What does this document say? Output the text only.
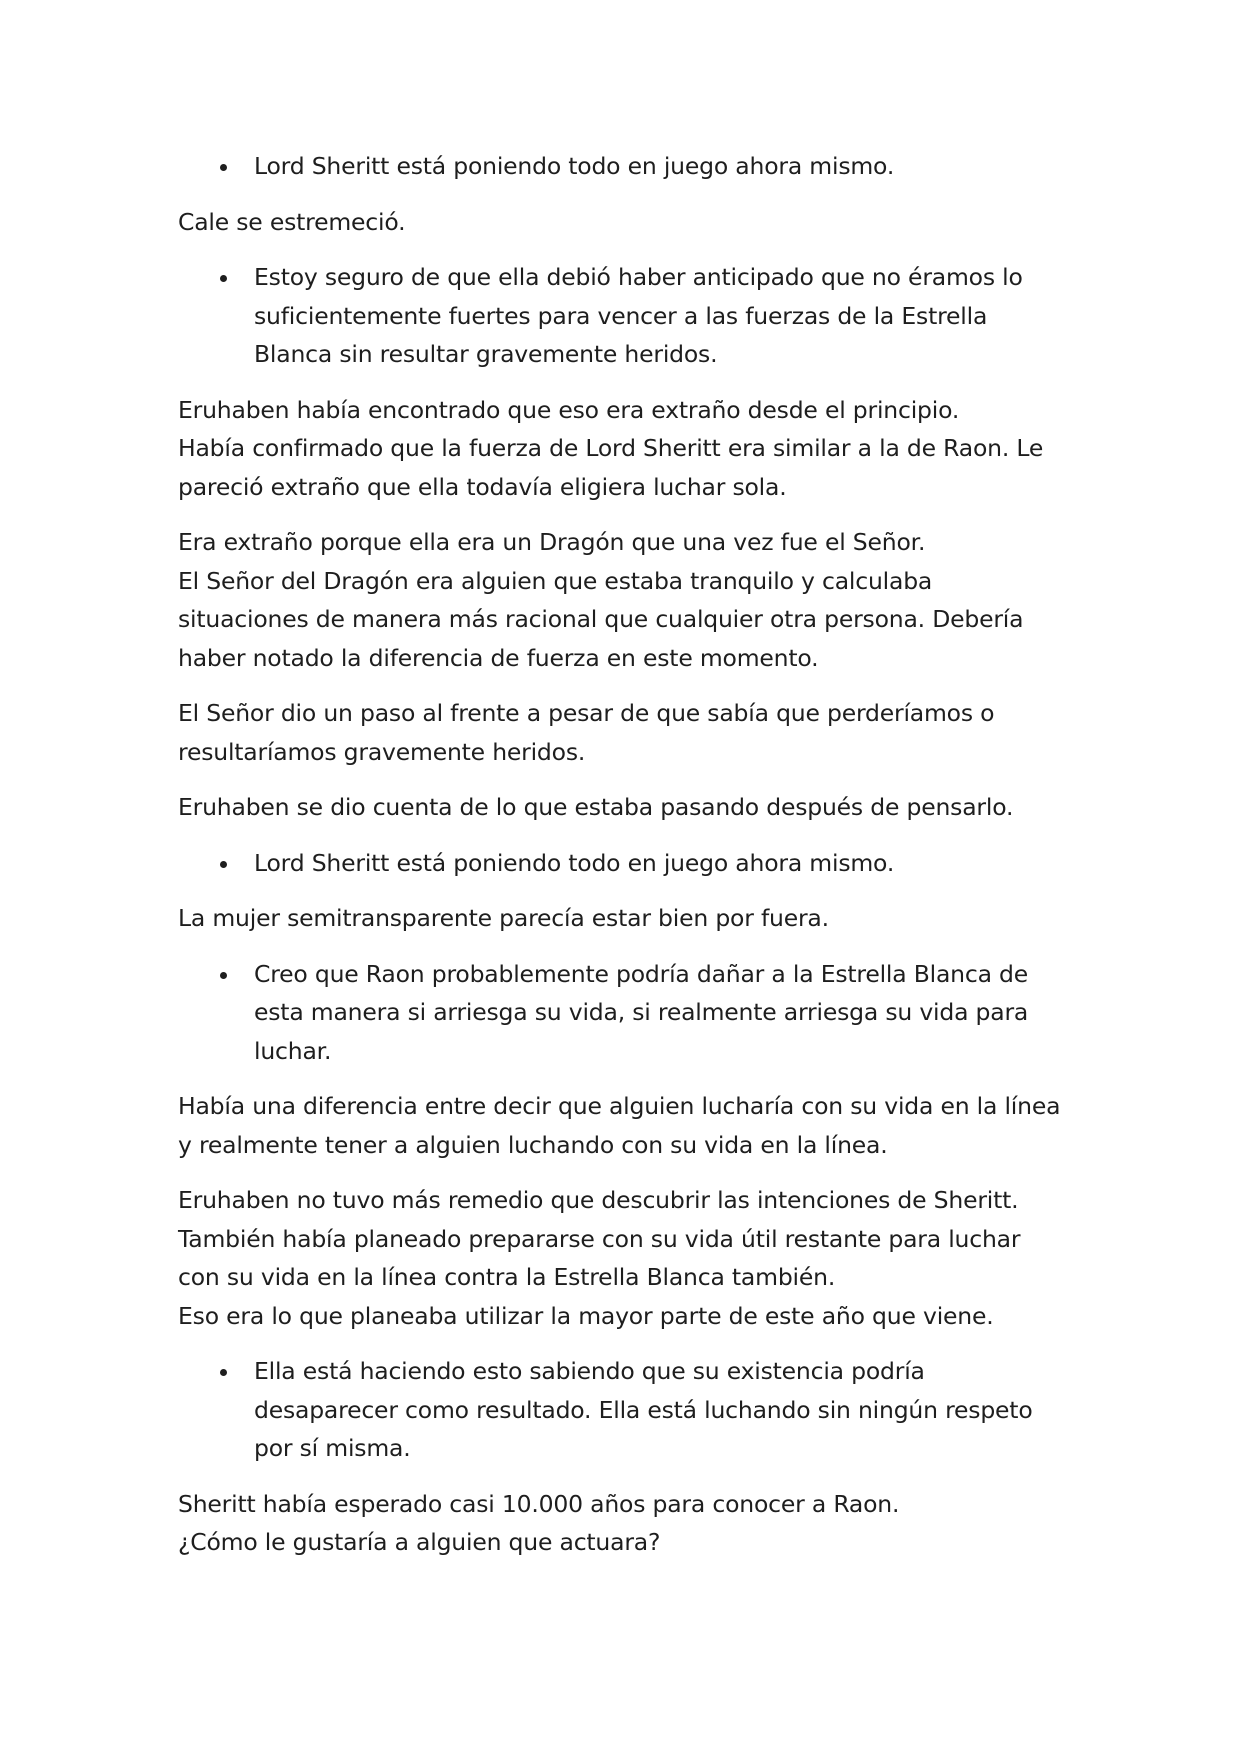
Lord Sheritt está poniendo todo en juego ahora mismo.
Cale se estremeció.
Estoy seguro de que ella debió haber anticipado que no éramos lo
suficientemente fuertes para vencer a las fuerzas de la Estrella
Blanca sin resultar gravemente heridos.
Eruhaben había encontrado que eso era extraño desde el principio.
Había confirmado que la fuerza de Lord Sheritt era similar a la de Raon. Le
pareció extraño que ella todavía eligiera luchar sola.
Era extraño porque ella era un Dragón que una vez fue el Señor.
El Señor del Dragón era alguien que estaba tranquilo y calculaba
situaciones de manera más racional que cualquier otra persona. Debería
haber notado la diferencia de fuerza en este momento.
El Señor dio un paso al frente a pesar de que sabía que perderíamos o
resultaríamos gravemente heridos.
Eruhaben se dio cuenta de lo que estaba pasando después de pensarlo.
Lord Sheritt está poniendo todo en juego ahora mismo.
La mujer semitransparente parecía estar bien por fuera.
Creo que Raon probablemente podría dañar a la Estrella Blanca de
esta manera si arriesga su vida, si realmente arriesga su vida para
luchar.
Había una diferencia entre decir que alguien lucharía con su vida en la línea
y realmente tener a alguien luchando con su vida en la línea.
Eruhaben no tuvo más remedio que descubrir las intenciones de Sheritt.
También había planeado prepararse con su vida útil restante para luchar
con su vida en la línea contra la Estrella Blanca también.
Eso era lo que planeaba utilizar la mayor parte de este año que viene.
Ella está haciendo esto sabiendo que su existencia podría
desaparecer como resultado. Ella está luchando sin ningún respeto
por sí misma.
Sheritt había esperado casi 10.000 años para conocer a Raon.
¿Cómo le gustaría a alguien que actuara?
